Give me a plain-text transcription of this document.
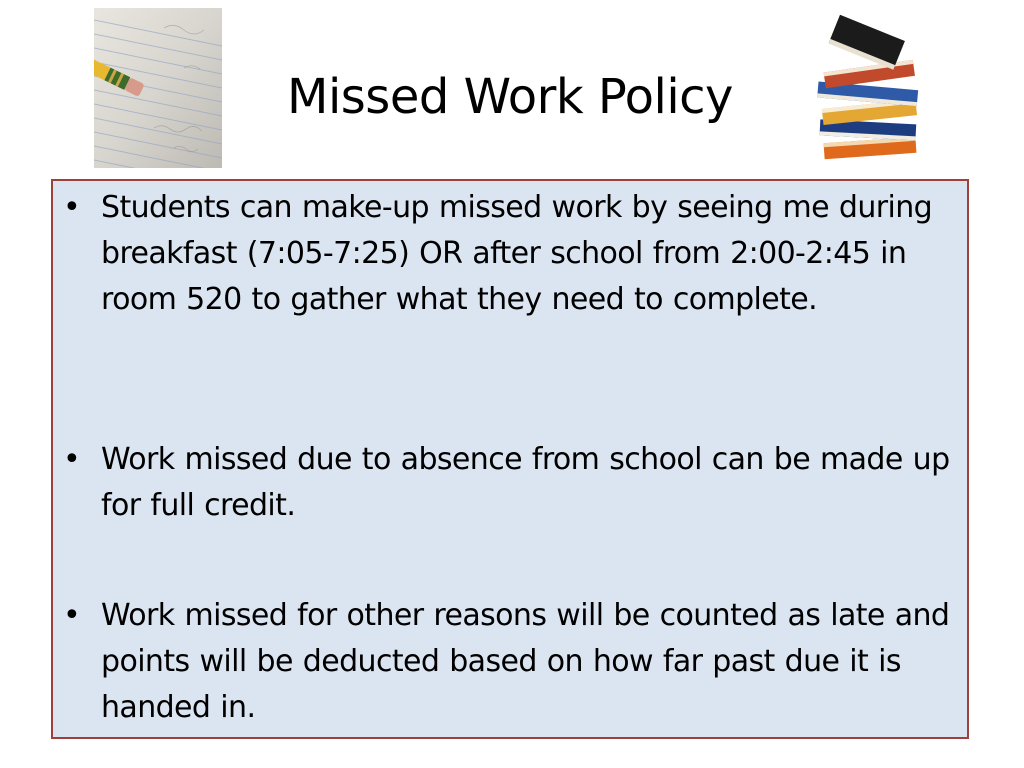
Missed Work Policy
• Students can make-up missed work by seeing me during breakfast (7:05-7:25) OR after school from 2:00-2:45 in room 520 to gather what they need to complete.
• Work missed due to absence from school can be made up for full credit.
• Work missed for other reasons will be counted as late and points will be deducted based on how far past due it is handed in.
